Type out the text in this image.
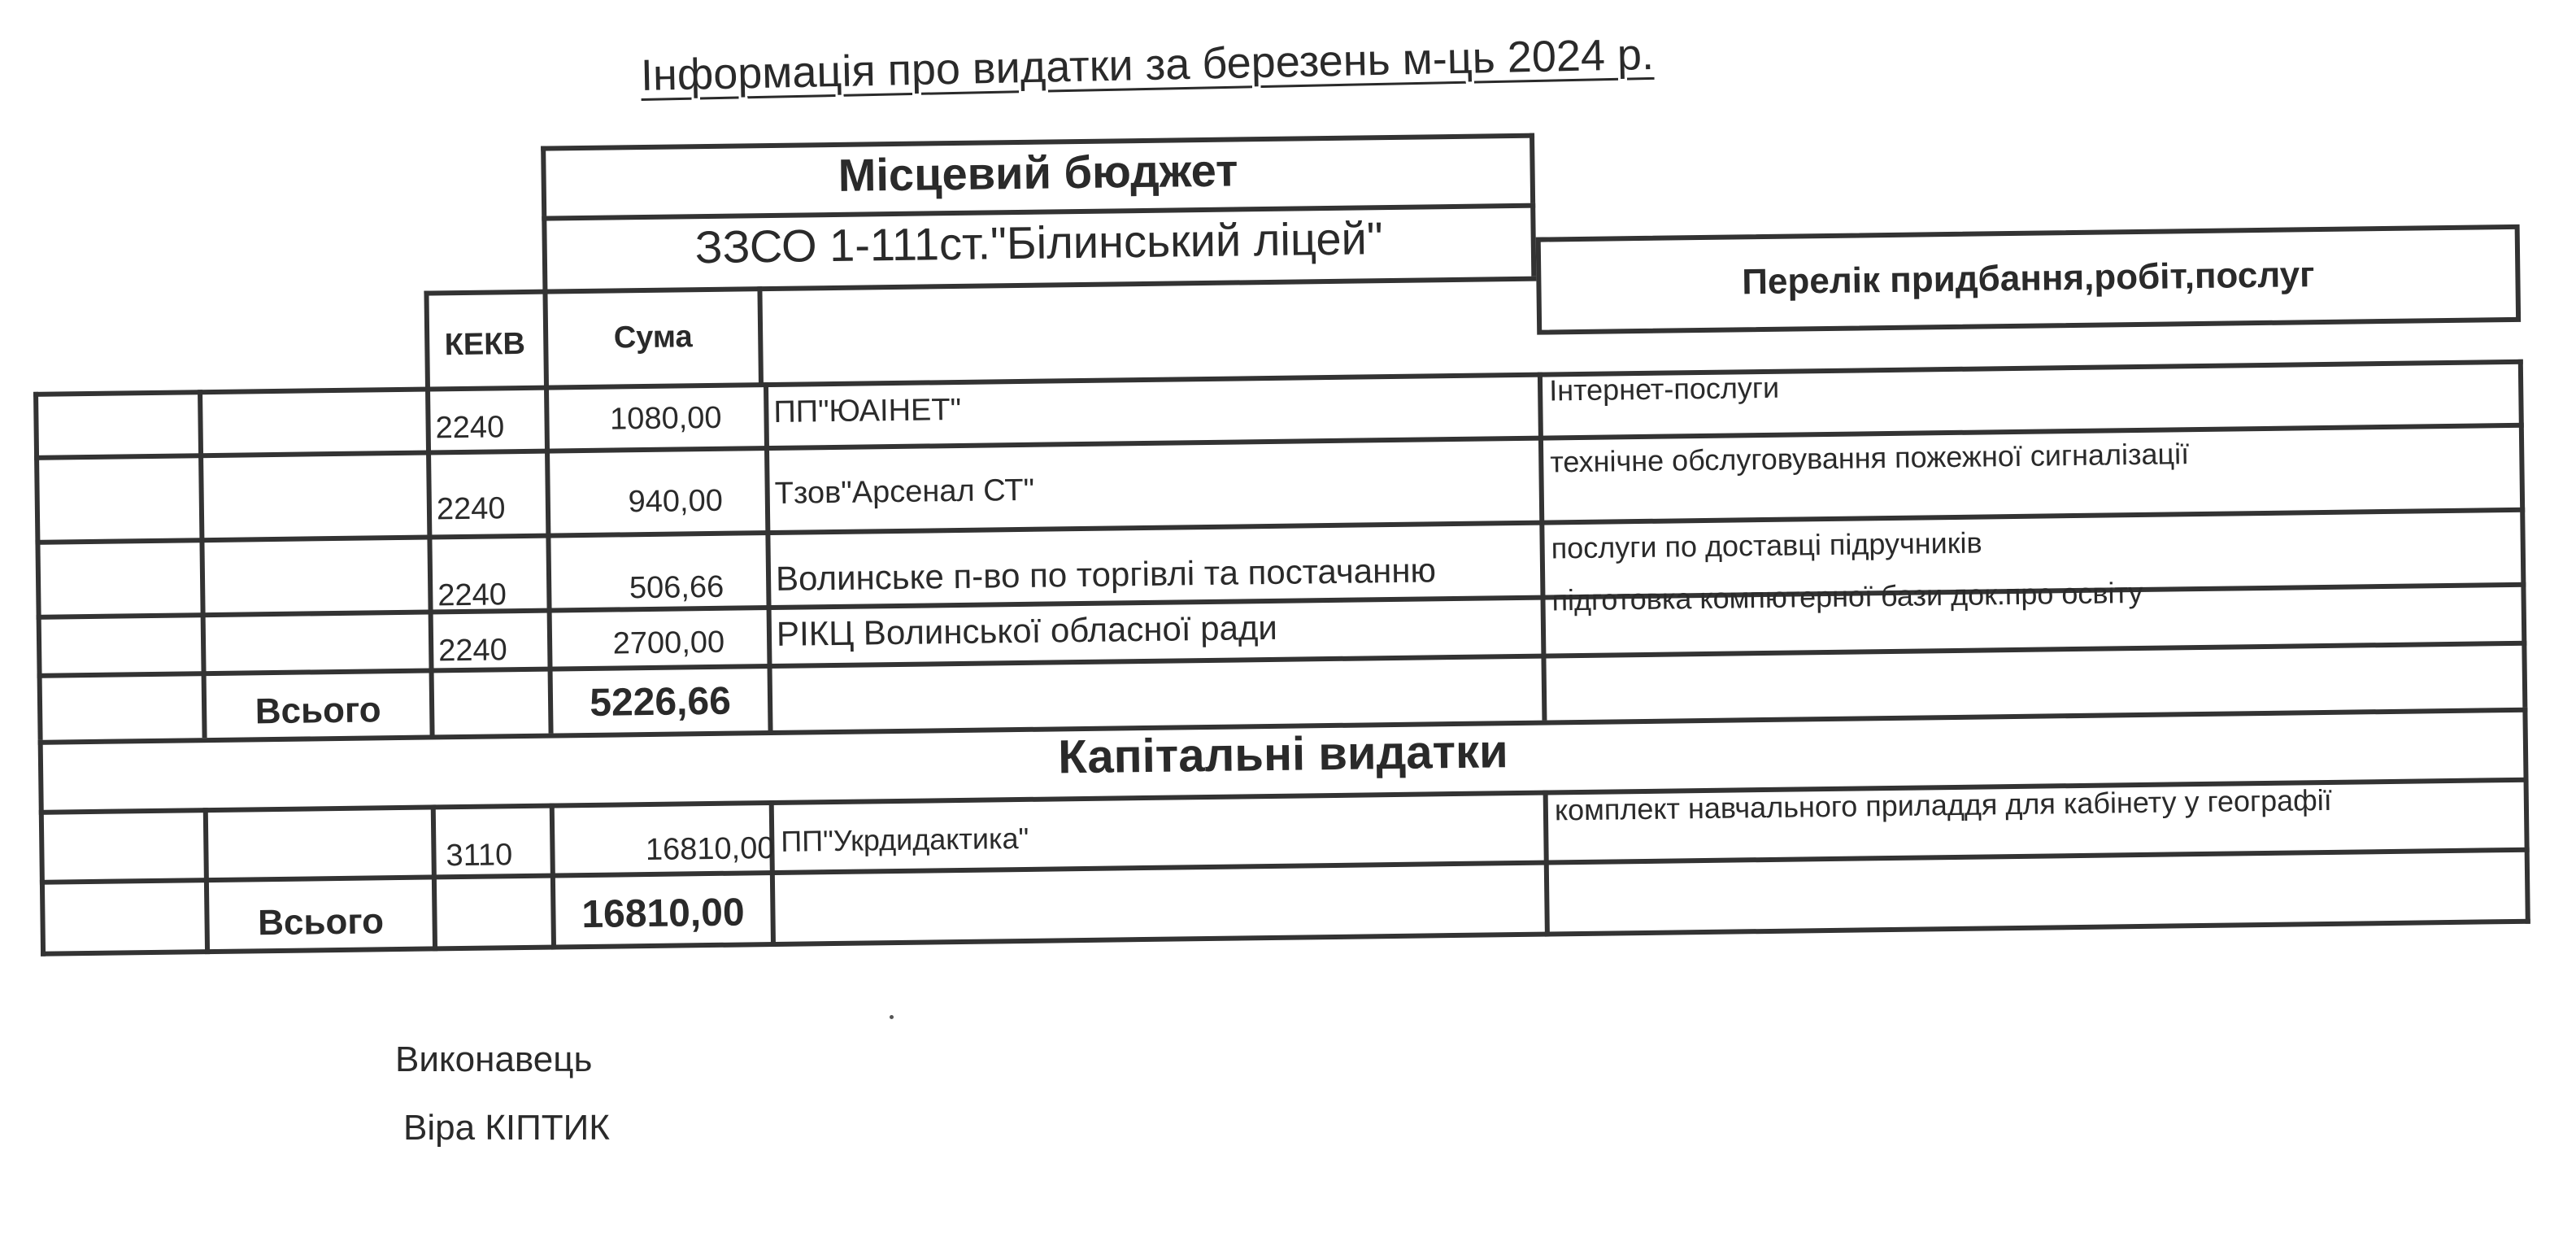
Інформація про видатки за березень м-ць 2024 р.
Місцевий бюджет
ЗЗСО 1-111ст."Білинський ліцей"
КЕКВ	Сума
Перелік придбання,робіт,послуг
2240	1080,00 ПП"ЮАІНЕТ"
Інтернет-послуги
2240	940,00 Тзов"Арсенал СТ"
технічне обслуговування пожежної сигналізації
2240	506,66 Волинське п-во по торгівлі та постачанню
послуги по доставці підручників
2240	2700,00 РІКЦ Волинської обласної ради
підготовка компютерної бази док.про освіту
Всього	5226,66
Капітальні видатки
3110	16810,00 ПП"Укрдидактика"
комплект навчального приладдя для кабінету у географії
Всього	16810,00
Виконавець
Віра КІПТИК
